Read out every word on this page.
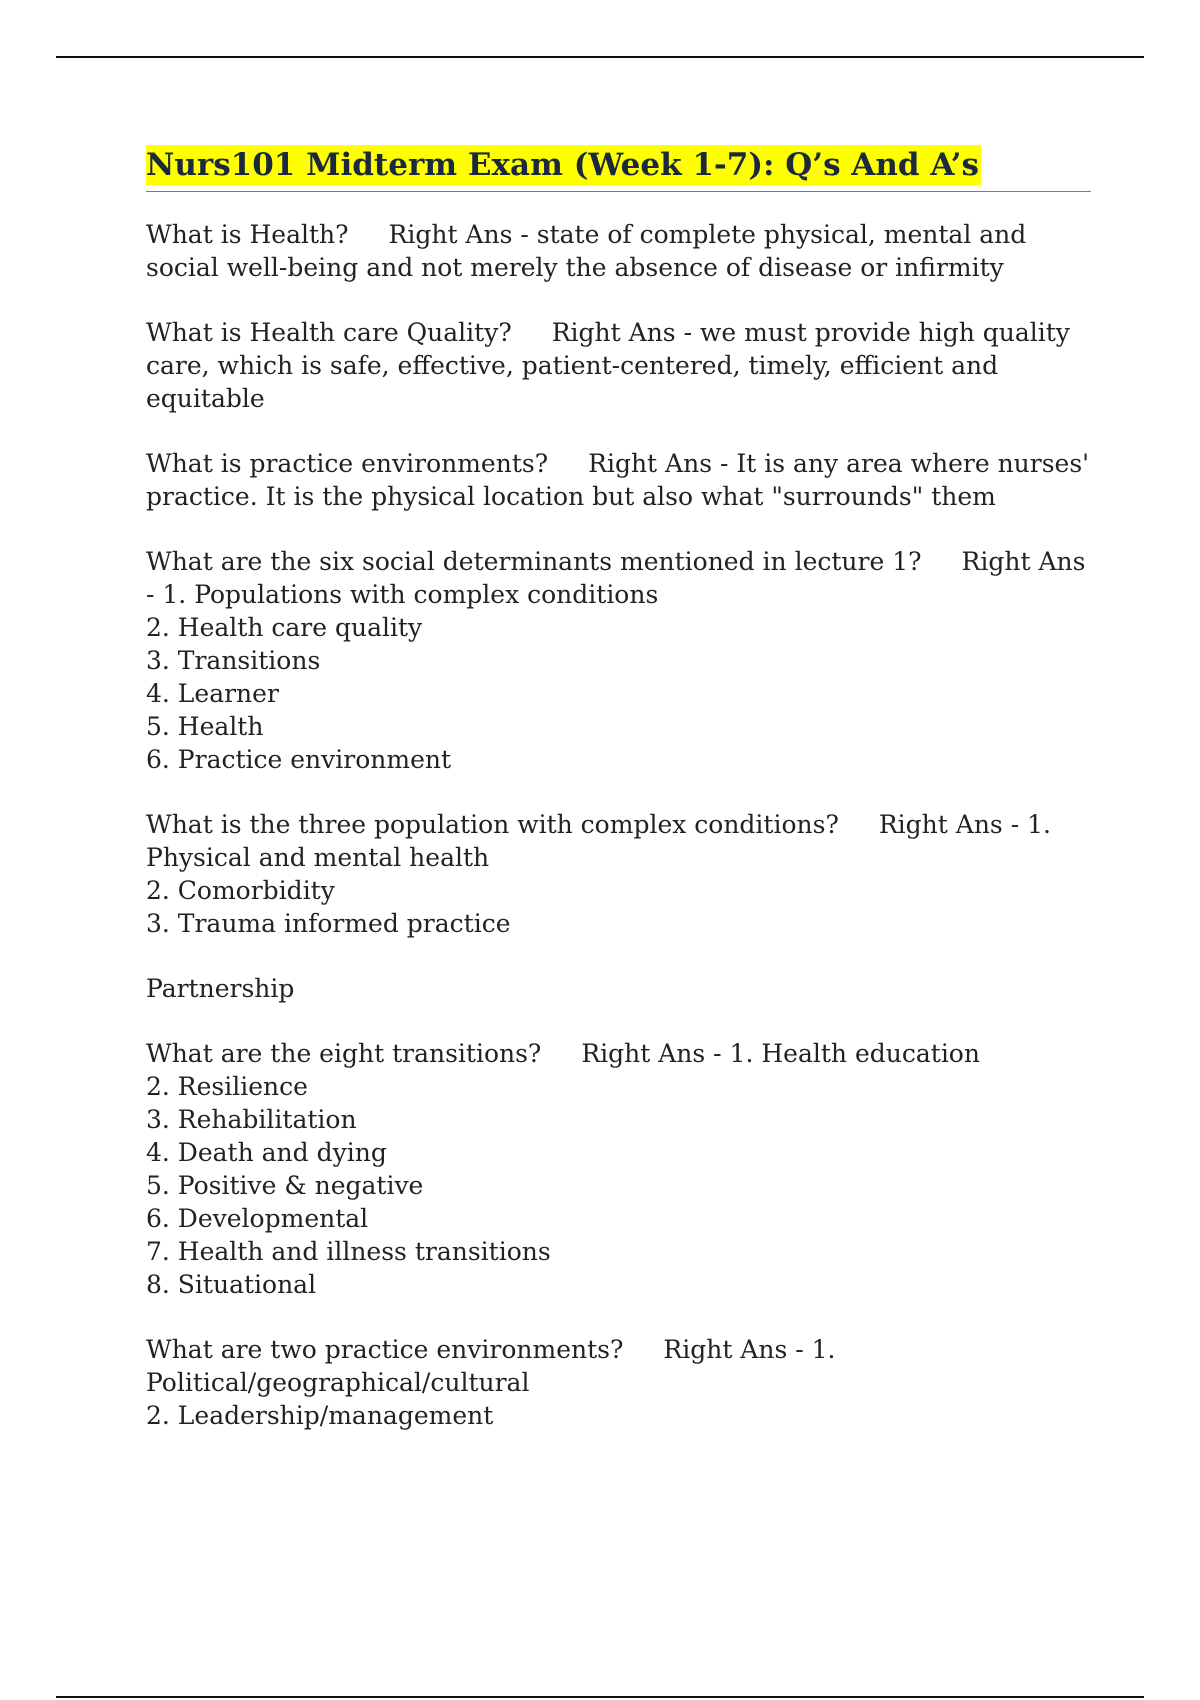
Nurs101 Midterm Exam (Week 1-7): Q’s And A’s

What is Health? Right Ans - state of complete physical, mental and social well-being and not merely the absence of disease or infirmity

What is Health care Quality? Right Ans - we must provide high quality care, which is safe, effective, patient-centered, timely, efficient and equitable

What is practice environments? Right Ans - It is any area where nurses' practice. It is the physical location but also what "surrounds" them

What are the six social determinants mentioned in lecture 1? Right Ans - 1. Populations with complex conditions

2. Health care quality

3. Transitions

4. Learner

5. Health

6. Practice environment

What is the three population with complex conditions? Right Ans - 1. Physical and mental health

2. Comorbidity

3. Trauma informed practice

Partnership

What are the eight transitions? Right Ans - 1. Health education

2. Resilience

3. Rehabilitation

4. Death and dying

5. Positive & negative

6. Developmental

7. Health and illness transitions

8. Situational

What are two practice environments? Right Ans - 1. Political/geographical/cultural

2. Leadership/management
